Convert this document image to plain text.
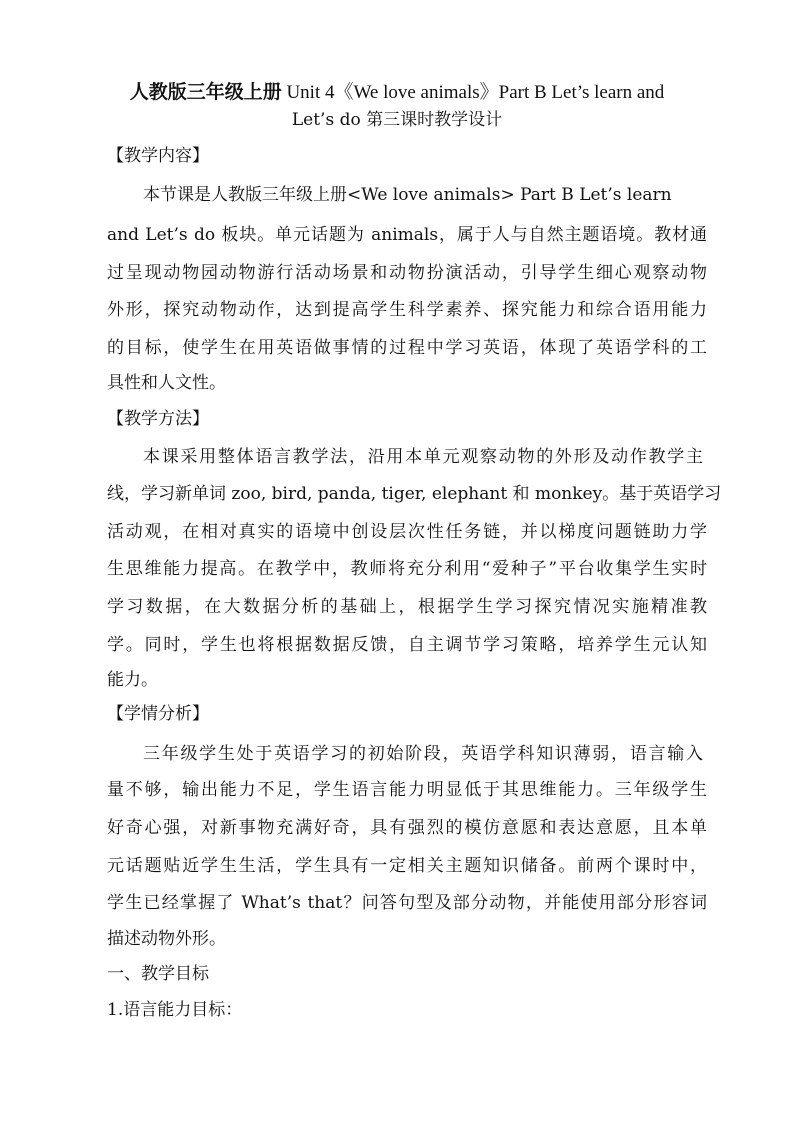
人教版三年级上册 Unit 4《We love animals》Part B Let’s learn and
Let’s do 第三课时教学设计
【教学内容】
本节课是人教版三年级上册<We love animals> Part B Let’s learn
and Let’s do 板块。单元话题为 animals，属于人与自然主题语境。教材通
过呈现动物园动物游行活动场景和动物扮演活动，引导学生细心观察动物
外形，探究动物动作，达到提高学生科学素养、探究能力和综合语用能力
的目标，使学生在用英语做事情的过程中学习英语，体现了英语学科的工
具性和人文性。
【教学方法】
本课采用整体语言教学法，沿用本单元观察动物的外形及动作教学主
线，学习新单词 zoo, bird, panda, tiger, elephant 和 monkey。基于英语学习
活动观，在相对真实的语境中创设层次性任务链，并以梯度问题链助力学
生思维能力提高。在教学中，教师将充分利用“爱种子”平台收集学生实时
学习数据，在大数据分析的基础上，根据学生学习探究情况实施精准教
学。同时，学生也将根据数据反馈，自主调节学习策略，培养学生元认知
能力。
【学情分析】
三年级学生处于英语学习的初始阶段，英语学科知识薄弱，语言输入
量不够，输出能力不足，学生语言能力明显低于其思维能力。三年级学生
好奇心强，对新事物充满好奇，具有强烈的模仿意愿和表达意愿，且本单
元话题贴近学生生活，学生具有一定相关主题知识储备。前两个课时中，
学生已经掌握了 What’s that？问答句型及部分动物，并能使用部分形容词
描述动物外形。
一、教学目标
1.语言能力目标：
